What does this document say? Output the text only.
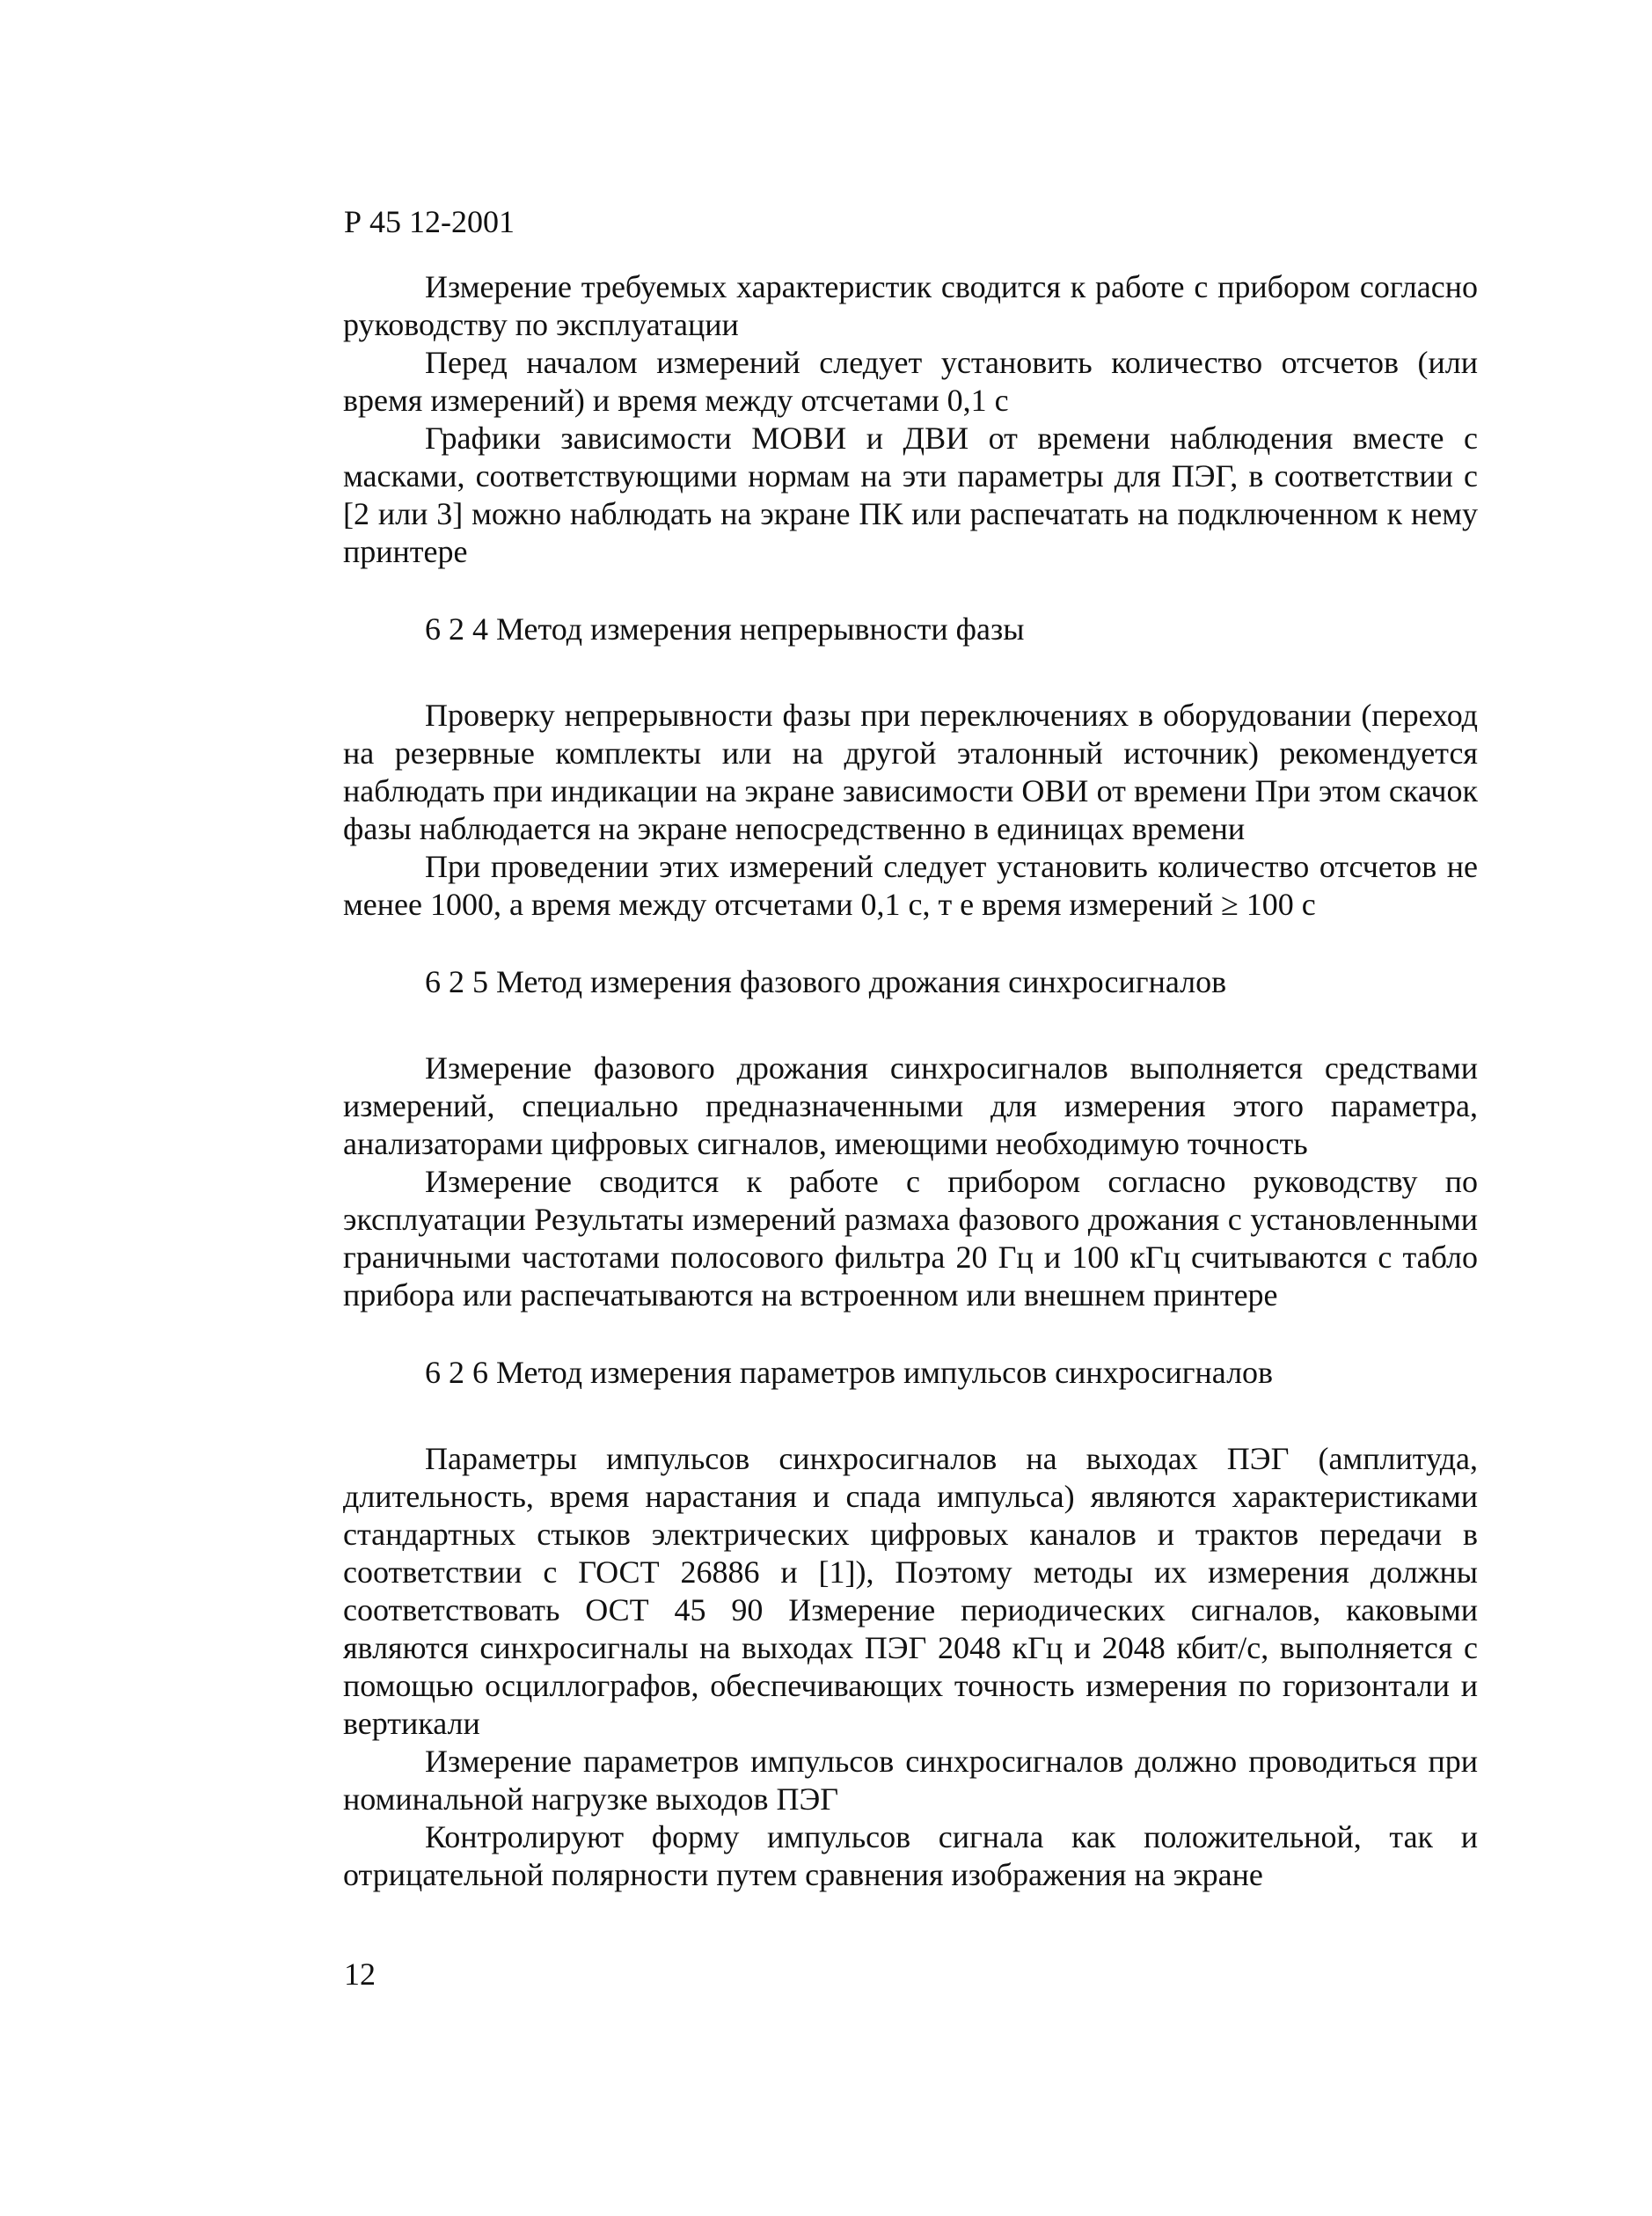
Р 45 12-2001

Измерение требуемых характеристик сводится к работе с прибором согласно руководству по эксплуатации

Перед началом измерений следует установить количество отсчетов (или время измерений) и время между отсчетами 0,1 с

Графики зависимости МОВИ и ДВИ от времени наблюдения вместе с масками, соответствующими нормам на эти параметры для ПЭГ, в соответствии с [2 или 3] можно наблюдать на экране ПК или распечатать на подключенном к нему принтере

6 2 4 Метод измерения непрерывности фазы

Проверку непрерывности фазы при переключениях в оборудовании (переход на резервные комплекты или на другой эталонный источник) рекомендуется наблюдать при индикации на экране зависимости ОВИ от времени При этом скачок фазы наблюдается на экране непосредственно в единицах времени

При проведении этих измерений следует установить количество отсчетов не менее 1000, а время между отсчетами 0,1 с, т е время измерений ≥ 100 с

6 2 5 Метод измерения фазового дрожания синхросигналов

Измерение фазового дрожания синхросигналов выполняется средствами измерений, специально предназначенными для измерения этого параметра, анализаторами цифровых сигналов, имеющими необходимую точность

Измерение сводится к работе с прибором согласно руководству по эксплуатации Результаты измерений размаха фазового дрожания с установленными граничными частотами полосового фильтра 20 Гц и 100 кГц считываются с табло прибора или распечатываются на встроенном или внешнем принтере

6 2 6 Метод измерения параметров импульсов синхросигналов

Параметры импульсов синхросигналов на выходах ПЭГ (амплитуда, длительность, время нарастания и спада импульса) являются характеристиками стандартных стыков электрических цифровых каналов и трактов передачи в соответствии с ГОСТ 26886 и [1]), Поэтому методы их измерения должны соответствовать ОСТ 45 90 Измерение периодических сигналов, каковыми являются синхросигналы на выходах ПЭГ 2048 кГц и 2048 кбит/с, выполняется с помощью осциллографов, обеспечивающих точность измерения по горизонтали и вертикали

Измерение параметров импульсов синхросигналов должно проводиться при номинальной нагрузке выходов ПЭГ

Контролируют форму импульсов сигнала как положительной, так и отрицательной полярности путем сравнения изображения на экране

12
